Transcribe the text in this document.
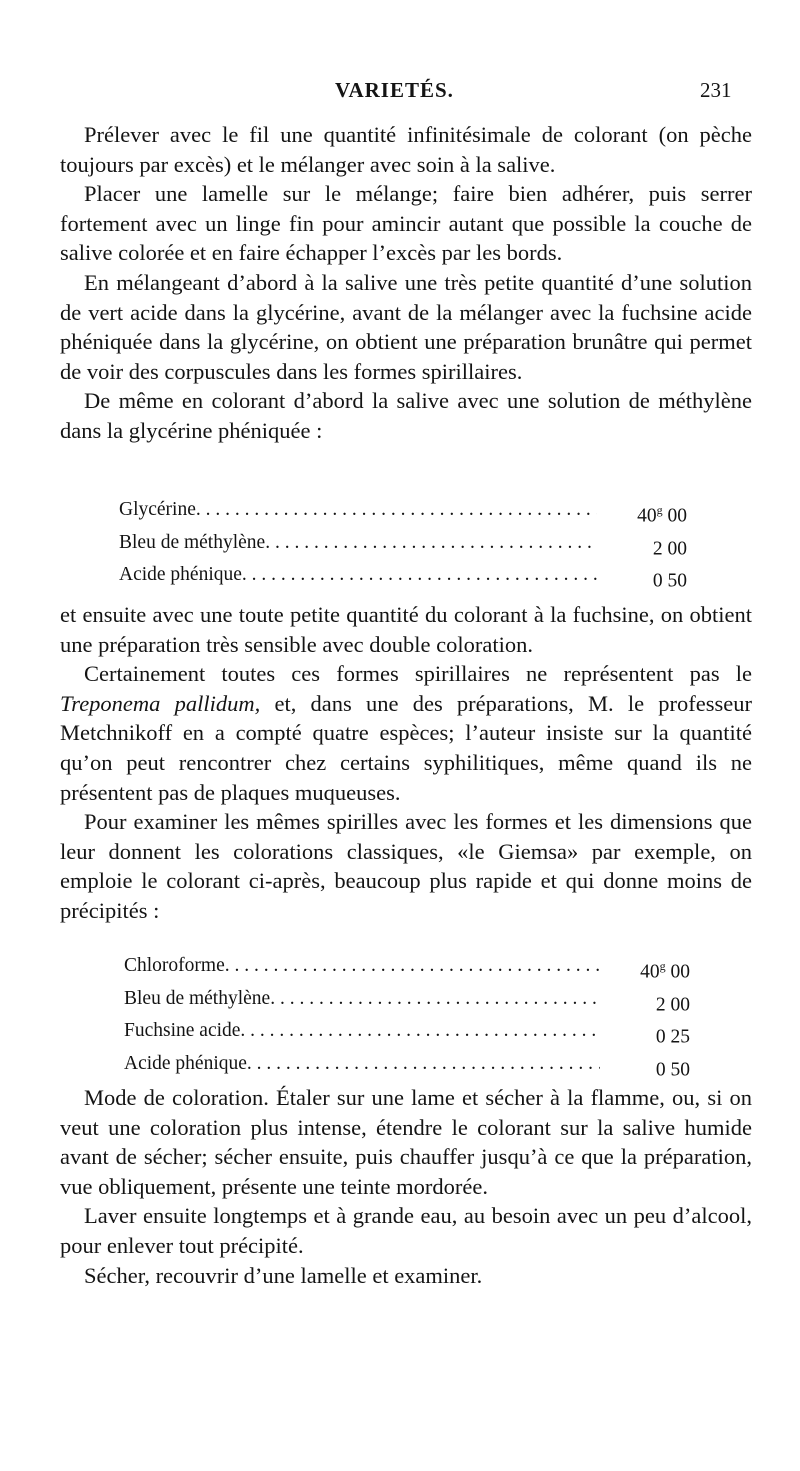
VARIETÉS.	231

Prélever avec le fil une quantité infinitésimale de colorant (on pèche toujours par excès) et le mélanger avec soin à la salive.

Placer une lamelle sur le mélange; faire bien adhérer, puis serrer fortement avec un linge fin pour amincir autant que possible la couche de salive colorée et en faire échapper l’excès par les bords.

En mélangeant d’abord à la salive une très petite quantité d’une solution de vert acide dans la glycérine, avant de la mélanger avec la fuchsine acide phéniquée dans la glycérine, on obtient une préparation brunâtre qui permet de voir des corpuscules dans les formes spirillaires.

De même en colorant d’abord la salive avec une solution de méthylène dans la glycérine phéniquée :

Glycérine . . .	40$^g$ 00
Bleu de méthylène . . .	2 00
Acide phénique . . .	0 50

et ensuite avec une toute petite quantité du colorant à la fuchsine, on obtient une préparation très sensible avec double coloration.

Certainement toutes ces formes spirillaires ne représentent pas le Treponema pallidum, et, dans une des préparations, M. le professeur Metchnikoff en a compté quatre espèces; l’auteur insiste sur la quantité qu’on peut rencontrer chez certains syphilitiques, même quand ils ne présentent pas de plaques muqueuses.

Pour examiner les mêmes spirilles avec les formes et les dimensions que leur donnent les colorations classiques, «le Giemsa» par exemple, on emploie le colorant ci-après, beaucoup plus rapide et qui donne moins de précipités :

Chloroforme . . .	40$^g$ 00
Bleu de méthylène . . .	2 00
Fuchsine acide . . .	0 25
Acide phénique . . .	0 50

Mode de coloration. Étaler sur une lame et sécher à la flamme, ou, si on veut une coloration plus intense, étendre le colorant sur la salive humide avant de sécher; sécher ensuite, puis chauffer jusqu’à ce que la préparation, vue obliquement, présente une teinte mordorée.

Laver ensuite longtemps et à grande eau, au besoin avec un peu d’alcool, pour enlever tout précipité.

Sécher, recouvrir d’une lamelle et examiner.
